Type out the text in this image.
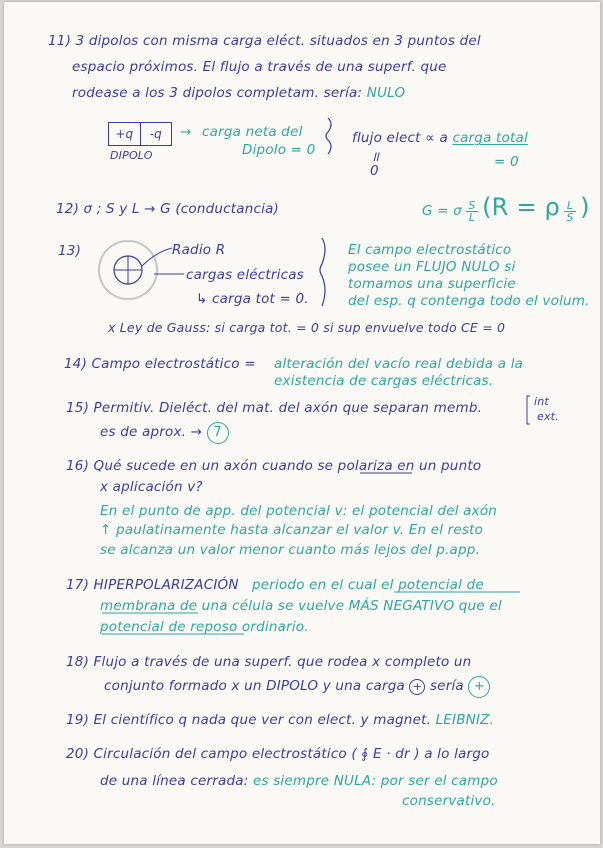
11) 3 dipolos con misma carga eléct. situados en 3 puntos del
espacio próximos. El flujo a través de una superf. que
rodease a los 3 dipolos completam. sería: NULO
+q	-q
DIPOLO
→ carga neta del
Dipolo = 0
flujo elect ∝ a carga total
॥
0
= 0
12) σ ; S y L → G (conductancia)	G = σ $\frac{S}{L} (R = \rho \frac{L}{S}$ )
13)	Radio R
cargas eléctricas
↳ carga tot = 0.
El campo electrostático
posee un FLUJO NULO si
tomamos una superficie
del esp. q contenga todo el volum.
x Ley de Gauss: si carga tot. = 0 si sup envuelve todo CE = 0
14) Campo electrostático = alteración del vacío real debida a la
existencia de cargas eléctricas.
15) Permitiv. Dieléct. del mat. del axón que separan memb.
es de aprox. → 7
int
ext.
16) Qué sucede en un axón cuando se polariza en un punto
x aplicación v?
En el punto de app. del potencial v: el potencial del axón
↑ paulatinamente hasta alcanzar el valor v. En el resto
se alcanza un valor menor cuanto más lejos del p.app.
17) HIPERPOLARIZACIÓN periodo en el cual el potencial de
membrana de una célula se vuelve MÁS NEGATIVO que el
potencial de reposo ordinario.
18) Flujo a través de una superf. que rodea x completo un
conjunto formado x un DIPOLO y una carga + sería +
19) El científico q nada que ver con elect. y magnet. LEIBNIZ.
20) Circulación del campo electrostático ( ∮ E · dr ) a lo largo
de una línea cerrada: es siempre NULA: por ser el campo
conservativo.
